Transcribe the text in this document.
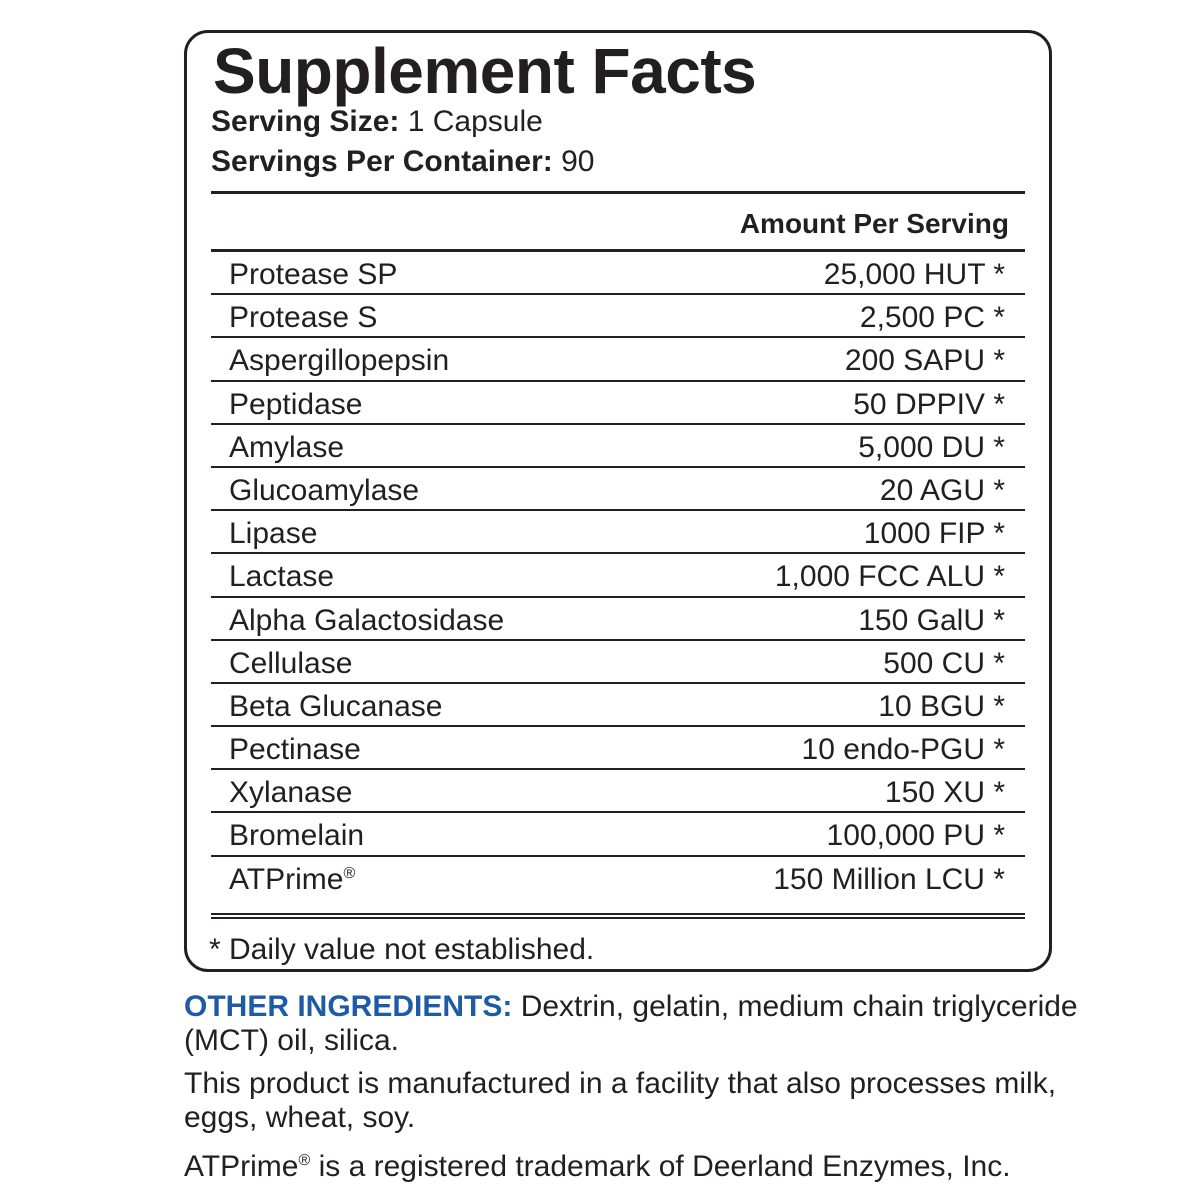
Supplement Facts
Serving Size: 1 Capsule
Servings Per Container: 90
Amount Per Serving
Protease SP	25,000 HUT *
Protease S	2,500 PC *
Aspergillopepsin	200 SAPU *
Peptidase	50 DPPIV *
Amylase	5,000 DU *
Glucoamylase	20 AGU *
Lipase	1000 FIP *
Lactase	1,000 FCC ALU *
Alpha Galactosidase	150 GalU *
Cellulase	500 CU *
Beta Glucanase	10 BGU *
Pectinase	10 endo-PGU *
Xylanase	150 XU *
Bromelain	100,000 PU *
ATPrime®	150 Million LCU *
* Daily value not established.
OTHER INGREDIENTS: Dextrin, gelatin, medium chain triglyceride (MCT) oil, silica.
This product is manufactured in a facility that also processes milk, eggs, wheat, soy.
ATPrime® is a registered trademark of Deerland Enzymes, Inc.
